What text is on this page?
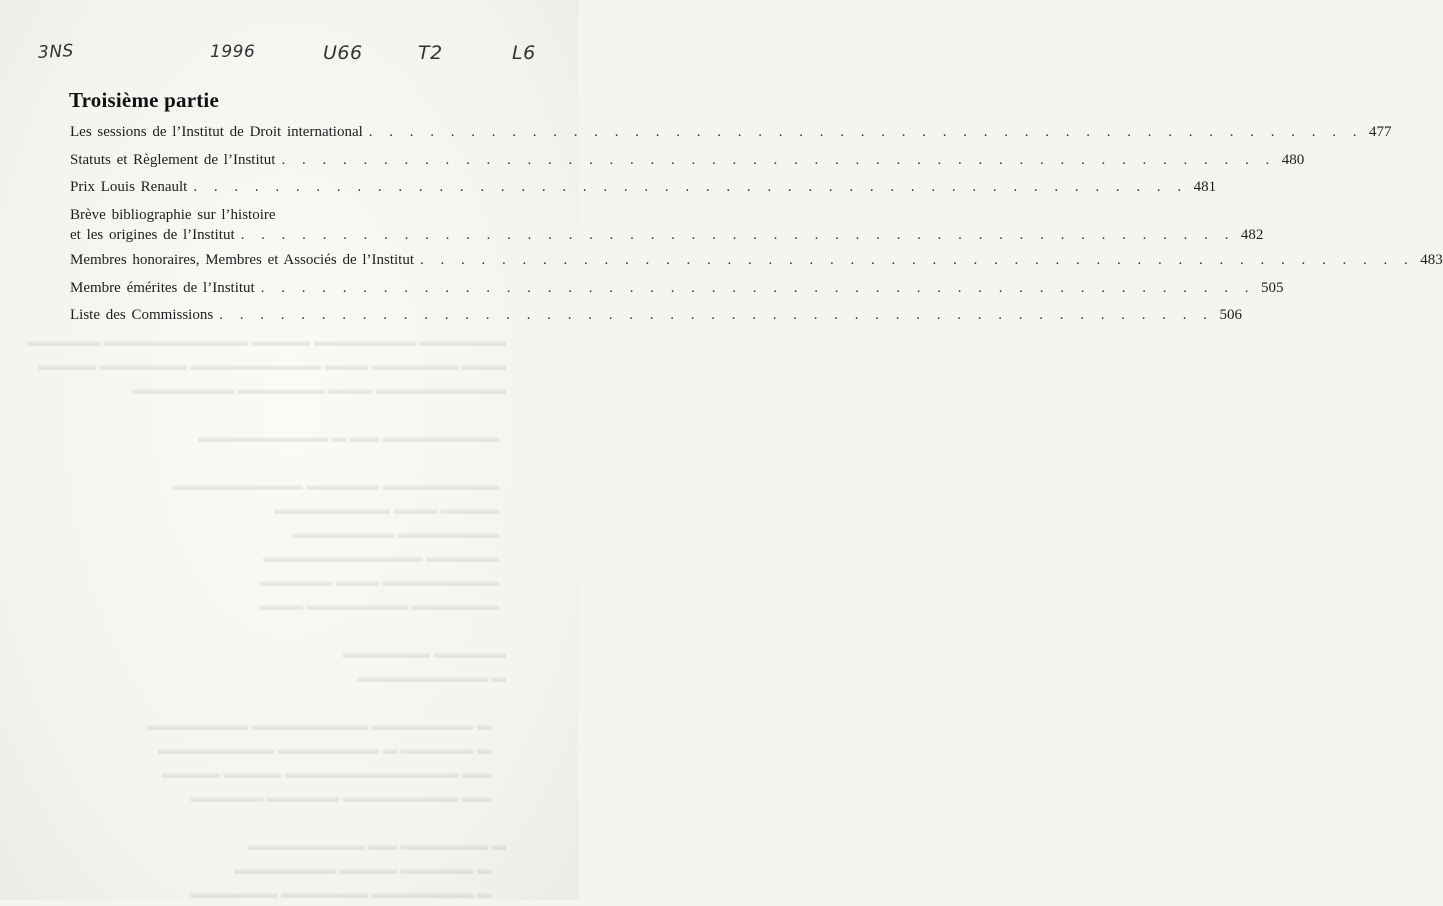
▬▬▬▬▬▬ ▬▬▬▬▬▬▬ ▬▬▬▬ ▬▬▬▬▬▬▬▬▬▬ ▬▬▬▬▬
▬▬▬ ▬▬▬▬▬▬ ▬▬▬ ▬▬▬▬▬▬▬▬▬ ▬▬▬▬▬▬ ▬▬▬▬
▬▬▬▬▬▬▬▬▬ ▬▬▬ ▬▬▬▬▬▬ ▬▬▬▬▬▬▬
▬▬▬▬▬▬▬▬ ▬▬ ▬ ▬▬▬▬▬▬▬▬▬
▬▬▬▬▬▬▬▬ ▬▬▬▬▬ ▬▬▬▬▬▬▬▬▬
▬▬▬▬ ▬▬▬ ▬▬▬▬▬▬▬▬
▬▬▬▬▬▬▬ ▬▬▬▬▬▬▬
▬▬▬▬▬ ▬▬▬▬▬▬▬▬▬▬▬
▬▬▬▬▬▬▬▬ ▬▬▬ ▬▬▬▬▬
▬▬▬▬▬▬ ▬▬▬▬▬▬▬ ▬▬▬
▬▬▬▬▬ ▬▬▬▬▬▬
▬ ▬▬▬▬▬▬▬▬▬
▬ ▬▬▬▬▬▬▬ ▬▬▬▬▬▬▬▬ ▬▬▬▬▬▬▬
▬ ▬▬▬▬▬ ▬ ▬▬▬▬▬▬▬ ▬▬▬▬▬▬▬▬
▬▬ ▬▬▬▬▬▬▬▬▬▬▬▬ ▬▬▬▬ ▬▬▬▬
▬▬ ▬▬▬▬▬▬▬▬ ▬▬▬▬▬ ▬▬▬▬▬
▬ ▬▬▬▬▬▬ ▬▬ ▬▬▬▬▬▬▬▬
▬ ▬▬▬▬▬ ▬▬▬▬ ▬▬▬▬▬▬▬
▬ ▬▬▬▬▬▬▬ ▬▬▬▬▬▬ ▬▬▬▬▬▬
3NS	1996	U66	T2	L6
Troisième partie
Les sessions de l’Institut de Droit international . . . . . . . . . . . . . . . . . . . . . . . . . . . . . . . . . . . . . . . . . . . . . . . . . 477
Statuts et Règlement de l’Institut . . . . . . . . . . . . . . . . . . . . . . . . . . . . . . . . . . . . . . . . . . . . . . . . . 480
Prix Louis Renault . . . . . . . . . . . . . . . . . . . . . . . . . . . . . . . . . . . . . . . . . . . . . . . . . 481
Brève bibliographie sur l’histoire
et les origines de l’Institut . . . . . . . . . . . . . . . . . . . . . . . . . . . . . . . . . . . . . . . . . . . . . . . . . 482
Membres honoraires, Membres et Associés de l’Institut . . . . . . . . . . . . . . . . . . . . . . . . . . . . . . . . . . . . . . . . . . . . . . . . . 483
Membre émérites de l’Institut . . . . . . . . . . . . . . . . . . . . . . . . . . . . . . . . . . . . . . . . . . . . . . . . . 505
Liste des Commissions . . . . . . . . . . . . . . . . . . . . . . . . . . . . . . . . . . . . . . . . . . . . . . . . . 506
